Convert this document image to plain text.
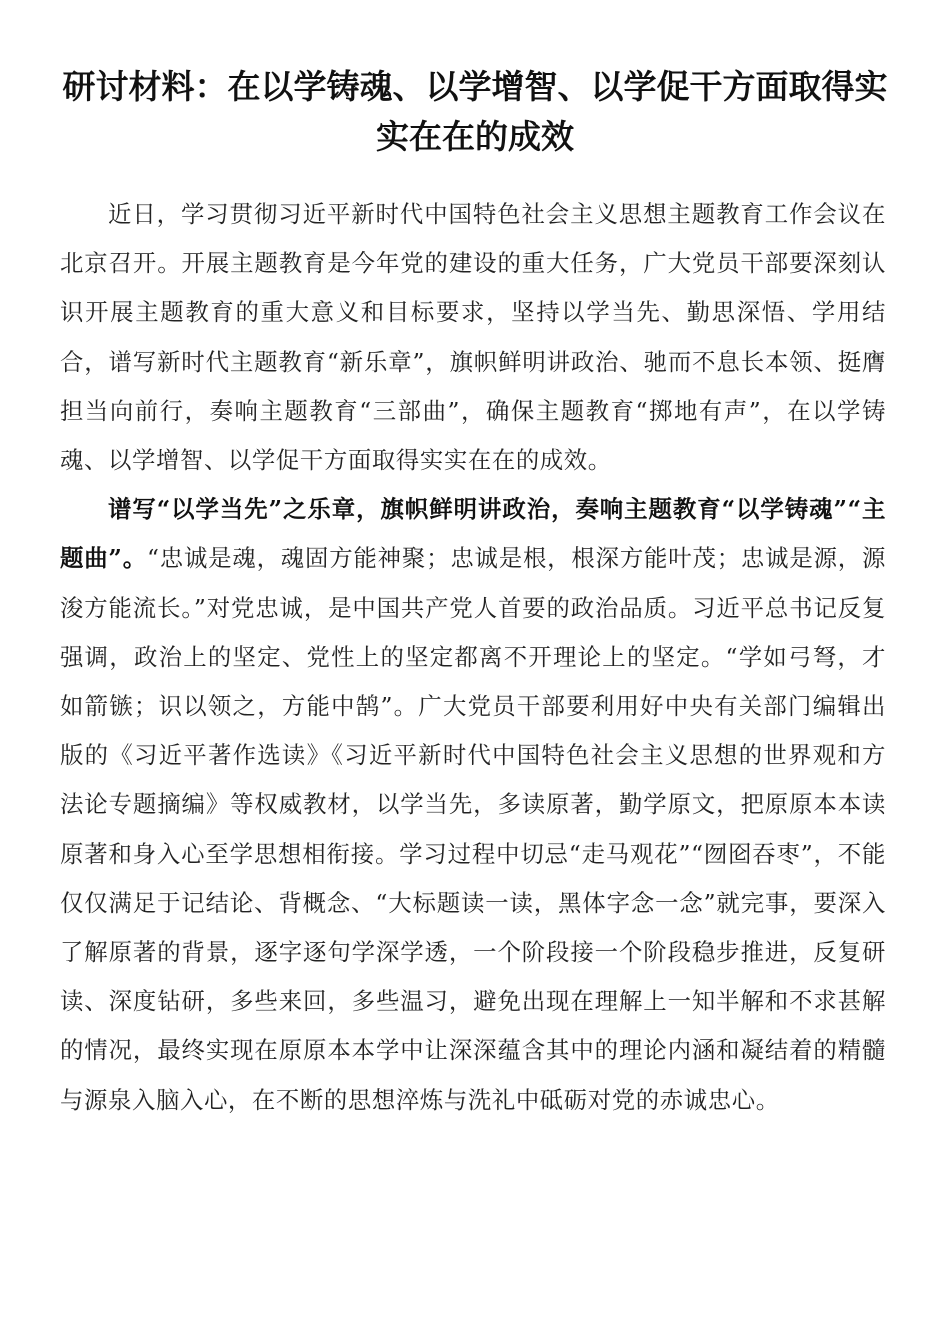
研讨材料：在以学铸魂、以学增智、以学促干方面取得实实在在的成效

近日，学习贯彻习近平新时代中国特色社会主义思想主题教育工作会议在北京召开。开展主题教育是今年党的建设的重大任务，广大党员干部要深刻认识开展主题教育的重大意义和目标要求，坚持以学当先、勤思深悟、学用结合，谱写新时代主题教育“新乐章”，旗帜鲜明讲政治、驰而不息长本领、挺膺担当向前行，奏响主题教育“三部曲”，确保主题教育“掷地有声”，在以学铸魂、以学增智、以学促干方面取得实实在在的成效。

谱写“以学当先”之乐章，旗帜鲜明讲政治，奏响主题教育“以学铸魂”“主题曲”。“忠诚是魂，魂固方能神聚；忠诚是根，根深方能叶茂；忠诚是源，源浚方能流长。”对党忠诚，是中国共产党人首要的政治品质。习近平总书记反复强调，政治上的坚定、党性上的坚定都离不开理论上的坚定。“学如弓弩，才如箭镞；识以领之，方能中鹄”。广大党员干部要利用好中央有关部门编辑出版的《习近平著作选读》《习近平新时代中国特色社会主义思想的世界观和方法论专题摘编》等权威教材，以学当先，多读原著，勤学原文，把原原本本读原著和身入心至学思想相衔接。学习过程中切忌“走马观花”“囫囵吞枣”，不能仅仅满足于记结论、背概念、“大标题读一读，黑体字念一念”就完事，要深入了解原著的背景，逐字逐句学深学透，一个阶段接一个阶段稳步推进，反复研读、深度钻研，多些来回，多些温习，避免出现在理解上一知半解和不求甚解的情况，最终实现在原原本本学中让深深蕴含其中的理论内涵和凝结着的精髓与源泉入脑入心，在不断的思想淬炼与洗礼中砥砺对党的赤诚忠心。
